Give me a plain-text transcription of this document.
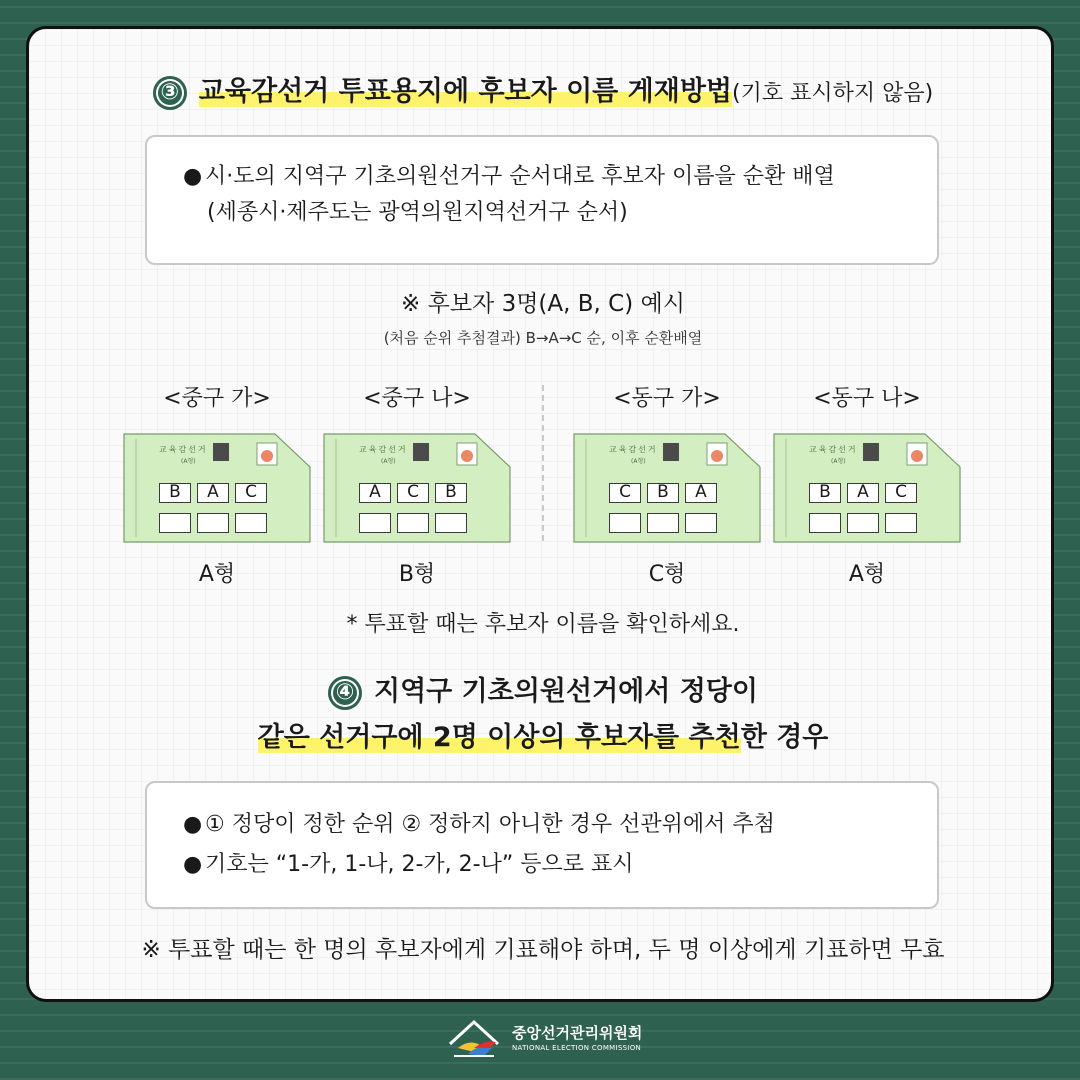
③ 교육감선거 투표용지에 후보자 이름 게재방법(기호 표시하지 않음)
● 시·도의 지역구 기초의원선거구 순서대로 후보자 이름을 순환 배열
(세종시·제주도는 광역의원지역선거구 순서)
※ 후보자 3명(A, B, C) 예시
(처음 순위 추첨결과) B→A→C 순, 이후 순환배열
<중구 가>	<중구 나>	<동구 가>	<동구 나>
교육감선거
(A형)
B	A	C
교육감선거
(A형)
A	C	B
교육감선거
(A형)
C	B	A
교육감선거
(A형)
B	A	C
A형	B형	C형	A형
* 투표할 때는 후보자 이름을 확인하세요.
④ 지역구 기초의원선거에서 정당이
같은 선거구에 2명 이상의 후보자를 추천한 경우
● ① 정당이 정한 순위 ② 정하지 아니한 경우 선관위에서 추첨
● 기호는 “1-가, 1-나, 2-가, 2-나” 등으로 표시
※ 투표할 때는 한 명의 후보자에게 기표해야 하며, 두 명 이상에게 기표하면 무효
중앙선거관리위원회
NATIONAL ELECTION COMMISSION
